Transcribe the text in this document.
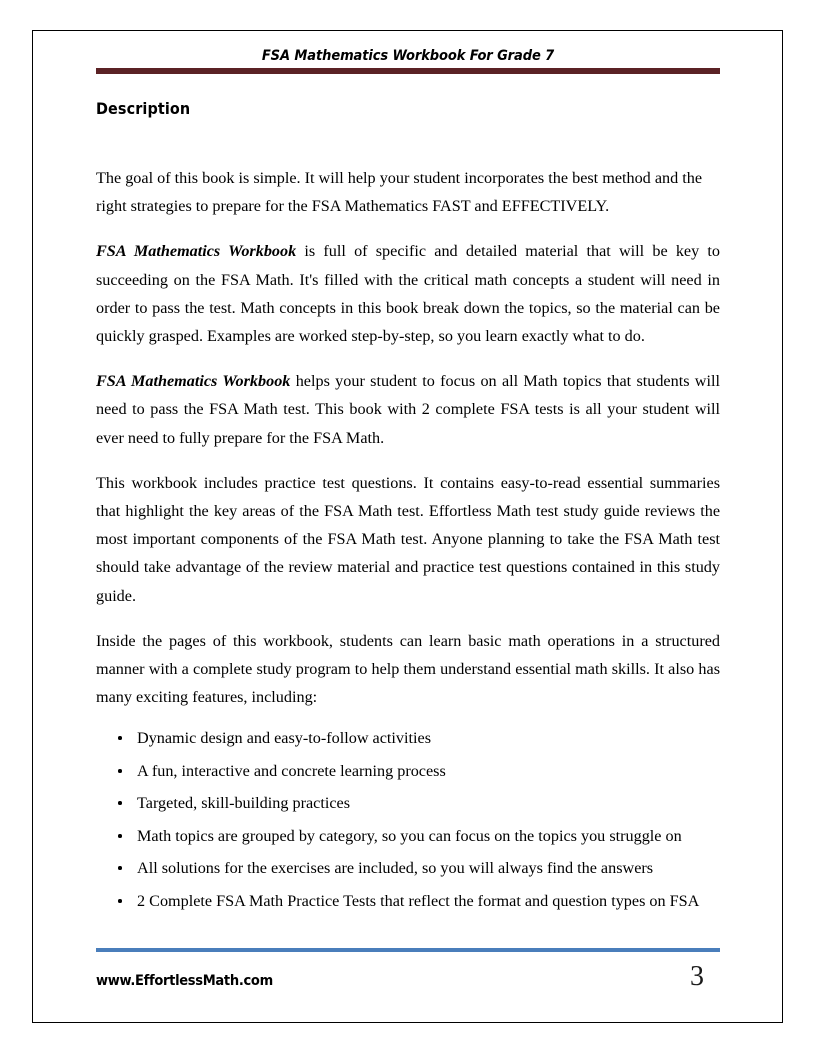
FSA Mathematics Workbook For Grade 7
Description

The goal of this book is simple. It will help your student incorporates the best method and the right strategies to prepare for the FSA Mathematics FAST and EFFECTIVELY.

FSA Mathematics Workbook is full of specific and detailed material that will be key to succeeding on the FSA Math. It's filled with the critical math concepts a student will need in order to pass the test. Math concepts in this book break down the topics, so the material can be quickly grasped. Examples are worked step-by-step, so you learn exactly what to do.

FSA Mathematics Workbook helps your student to focus on all Math topics that students will need to pass the FSA Math test. This book with 2 complete FSA tests is all your student will ever need to fully prepare for the FSA Math.

This workbook includes practice test questions. It contains easy-to-read essential summaries that highlight the key areas of the FSA Math test. Effortless Math test study guide reviews the most important components of the FSA Math test. Anyone planning to take the FSA Math test should take advantage of the review material and practice test questions contained in this study guide.

Inside the pages of this workbook, students can learn basic math operations in a structured manner with a complete study program to help them understand essential math skills. It also has many exciting features, including:

Dynamic design and easy-to-follow activities
A fun, interactive and concrete learning process
Targeted, skill-building practices
Math topics are grouped by category, so you can focus on the topics you struggle on
All solutions for the exercises are included, so you will always find the answers
2 Complete FSA Math Practice Tests that reflect the format and question types on FSA
www.EffortlessMath.com	3
